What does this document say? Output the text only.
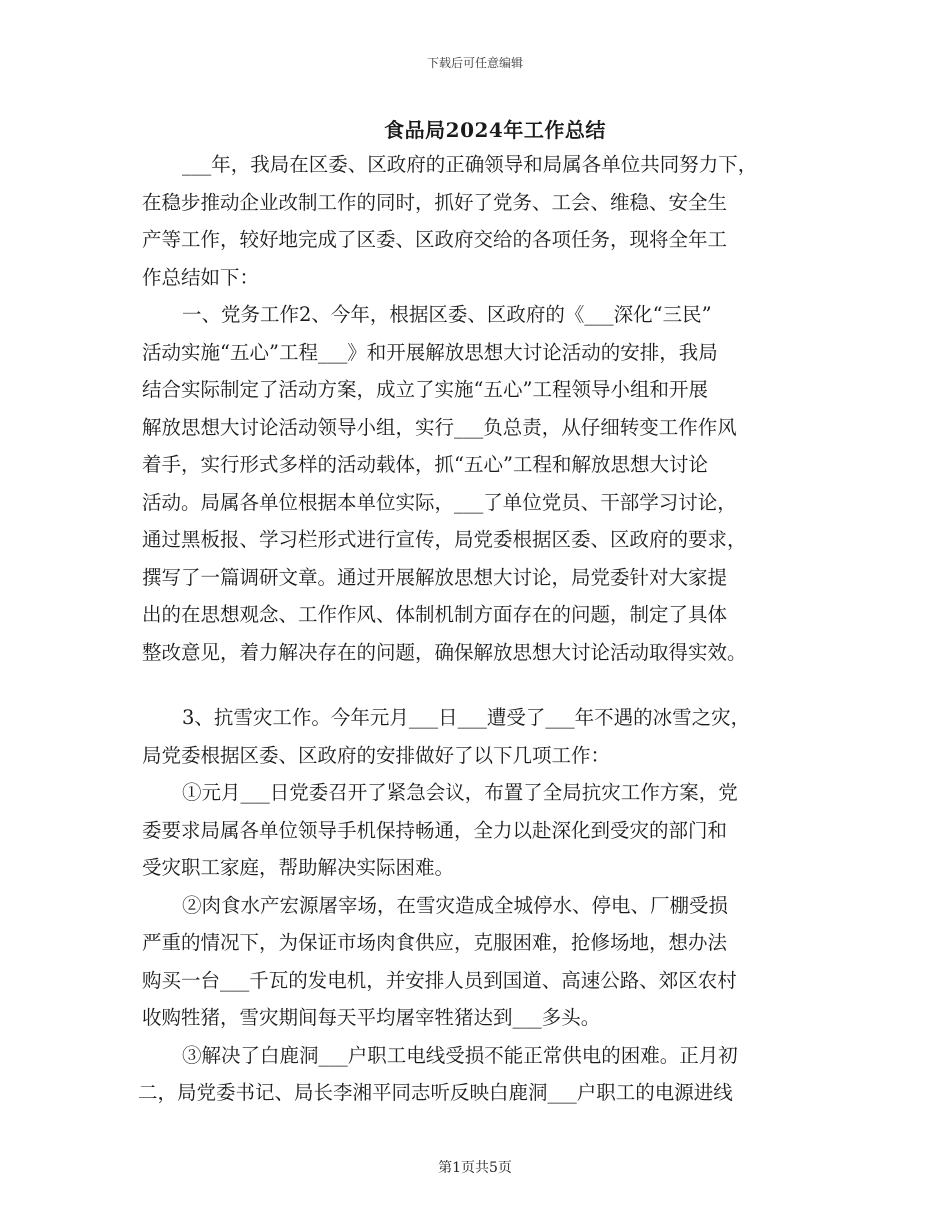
下载后可任意编辑
食品局2024年工作总结
___年，我局在区委、区政府的正确领导和局属各单位共同努力下，
在稳步推动企业改制工作的同时，抓好了党务、工会、维稳、安全生
产等工作，较好地完成了区委、区政府交给的各项任务，现将全年工
作总结如下：
一、党务工作2、今年，根据区委、区政府的《___深化“三民”
活动实施“五心”工程___》和开展解放思想大讨论活动的安排，我局
结合实际制定了活动方案，成立了实施“五心”工程领导小组和开展
解放思想大讨论活动领导小组，实行___负总责，从仔细转变工作作风
着手，实行形式多样的活动载体，抓“五心”工程和解放思想大讨论
活动。局属各单位根据本单位实际，___了单位党员、干部学习讨论，
通过黑板报、学习栏形式进行宣传，局党委根据区委、区政府的要求，
撰写了一篇调研文章。通过开展解放思想大讨论，局党委针对大家提
出的在思想观念、工作作风、体制机制方面存在的问题，制定了具体
整改意见，着力解决存在的问题，确保解放思想大讨论活动取得实效。
3、抗雪灾工作。今年元月___日___遭受了___年不遇的冰雪之灾，
局党委根据区委、区政府的安排做好了以下几项工作：
①元月___日党委召开了紧急会议，布置了全局抗灾工作方案，党
委要求局属各单位领导手机保持畅通，全力以赴深化到受灾的部门和
受灾职工家庭，帮助解决实际困难。
②肉食水产宏源屠宰场，在雪灾造成全城停水、停电、厂棚受损
严重的情况下，为保证市场肉食供应，克服困难，抢修场地，想办法
购买一台___千瓦的发电机，并安排人员到国道、高速公路、郊区农村
收购牲猪，雪灾期间每天平均屠宰牲猪达到___多头。
③解决了白鹿洞___户职工电线受损不能正常供电的困难。正月初
二，局党委书记、局长李湘平同志听反映白鹿洞___户职工的电源进线
第1页共5页
